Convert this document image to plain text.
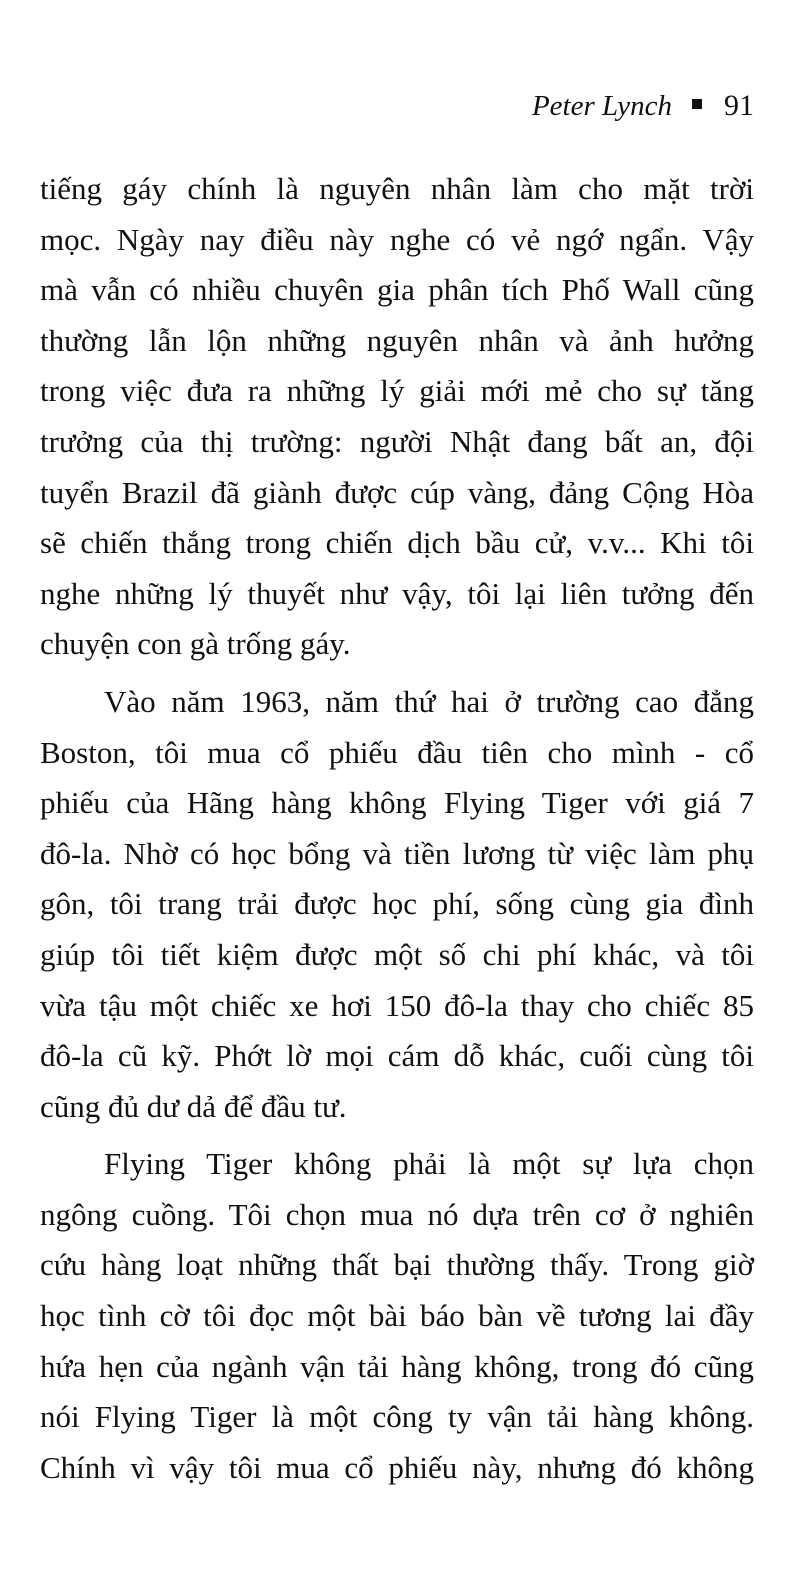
Peter Lynch 91
tiếng gáy chính là nguyên nhân làm cho mặt trời
mọc. Ngày nay điều này nghe có vẻ ngớ ngẩn. Vậy
mà vẫn có nhiều chuyên gia phân tích Phố Wall cũng
thường lẫn lộn những nguyên nhân và ảnh hưởng
trong việc đưa ra những lý giải mới mẻ cho sự tăng
trưởng của thị trường: người Nhật đang bất an, đội
tuyển Brazil đã giành được cúp vàng, đảng Cộng Hòa
sẽ chiến thắng trong chiến dịch bầu cử, v.v... Khi tôi
nghe những lý thuyết như vậy, tôi lại liên tưởng đến
chuyện con gà trống gáy.
Vào năm 1963, năm thứ hai ở trường cao đẳng
Boston, tôi mua cổ phiếu đầu tiên cho mình - cổ
phiếu của Hãng hàng không Flying Tiger với giá 7
đô-la. Nhờ có học bổng và tiền lương từ việc làm phụ
gôn, tôi trang trải được học phí, sống cùng gia đình
giúp tôi tiết kiệm được một số chi phí khác, và tôi
vừa tậu một chiếc xe hơi 150 đô-la thay cho chiếc 85
đô-la cũ kỹ. Phớt lờ mọi cám dỗ khác, cuối cùng tôi
cũng đủ dư dả để đầu tư.
Flying Tiger không phải là một sự lựa chọn
ngông cuồng. Tôi chọn mua nó dựa trên cơ ở nghiên
cứu hàng loạt những thất bại thường thấy. Trong giờ
học tình cờ tôi đọc một bài báo bàn về tương lai đầy
hứa hẹn của ngành vận tải hàng không, trong đó cũng
nói Flying Tiger là một công ty vận tải hàng không.
Chính vì vậy tôi mua cổ phiếu này, nhưng đó không
